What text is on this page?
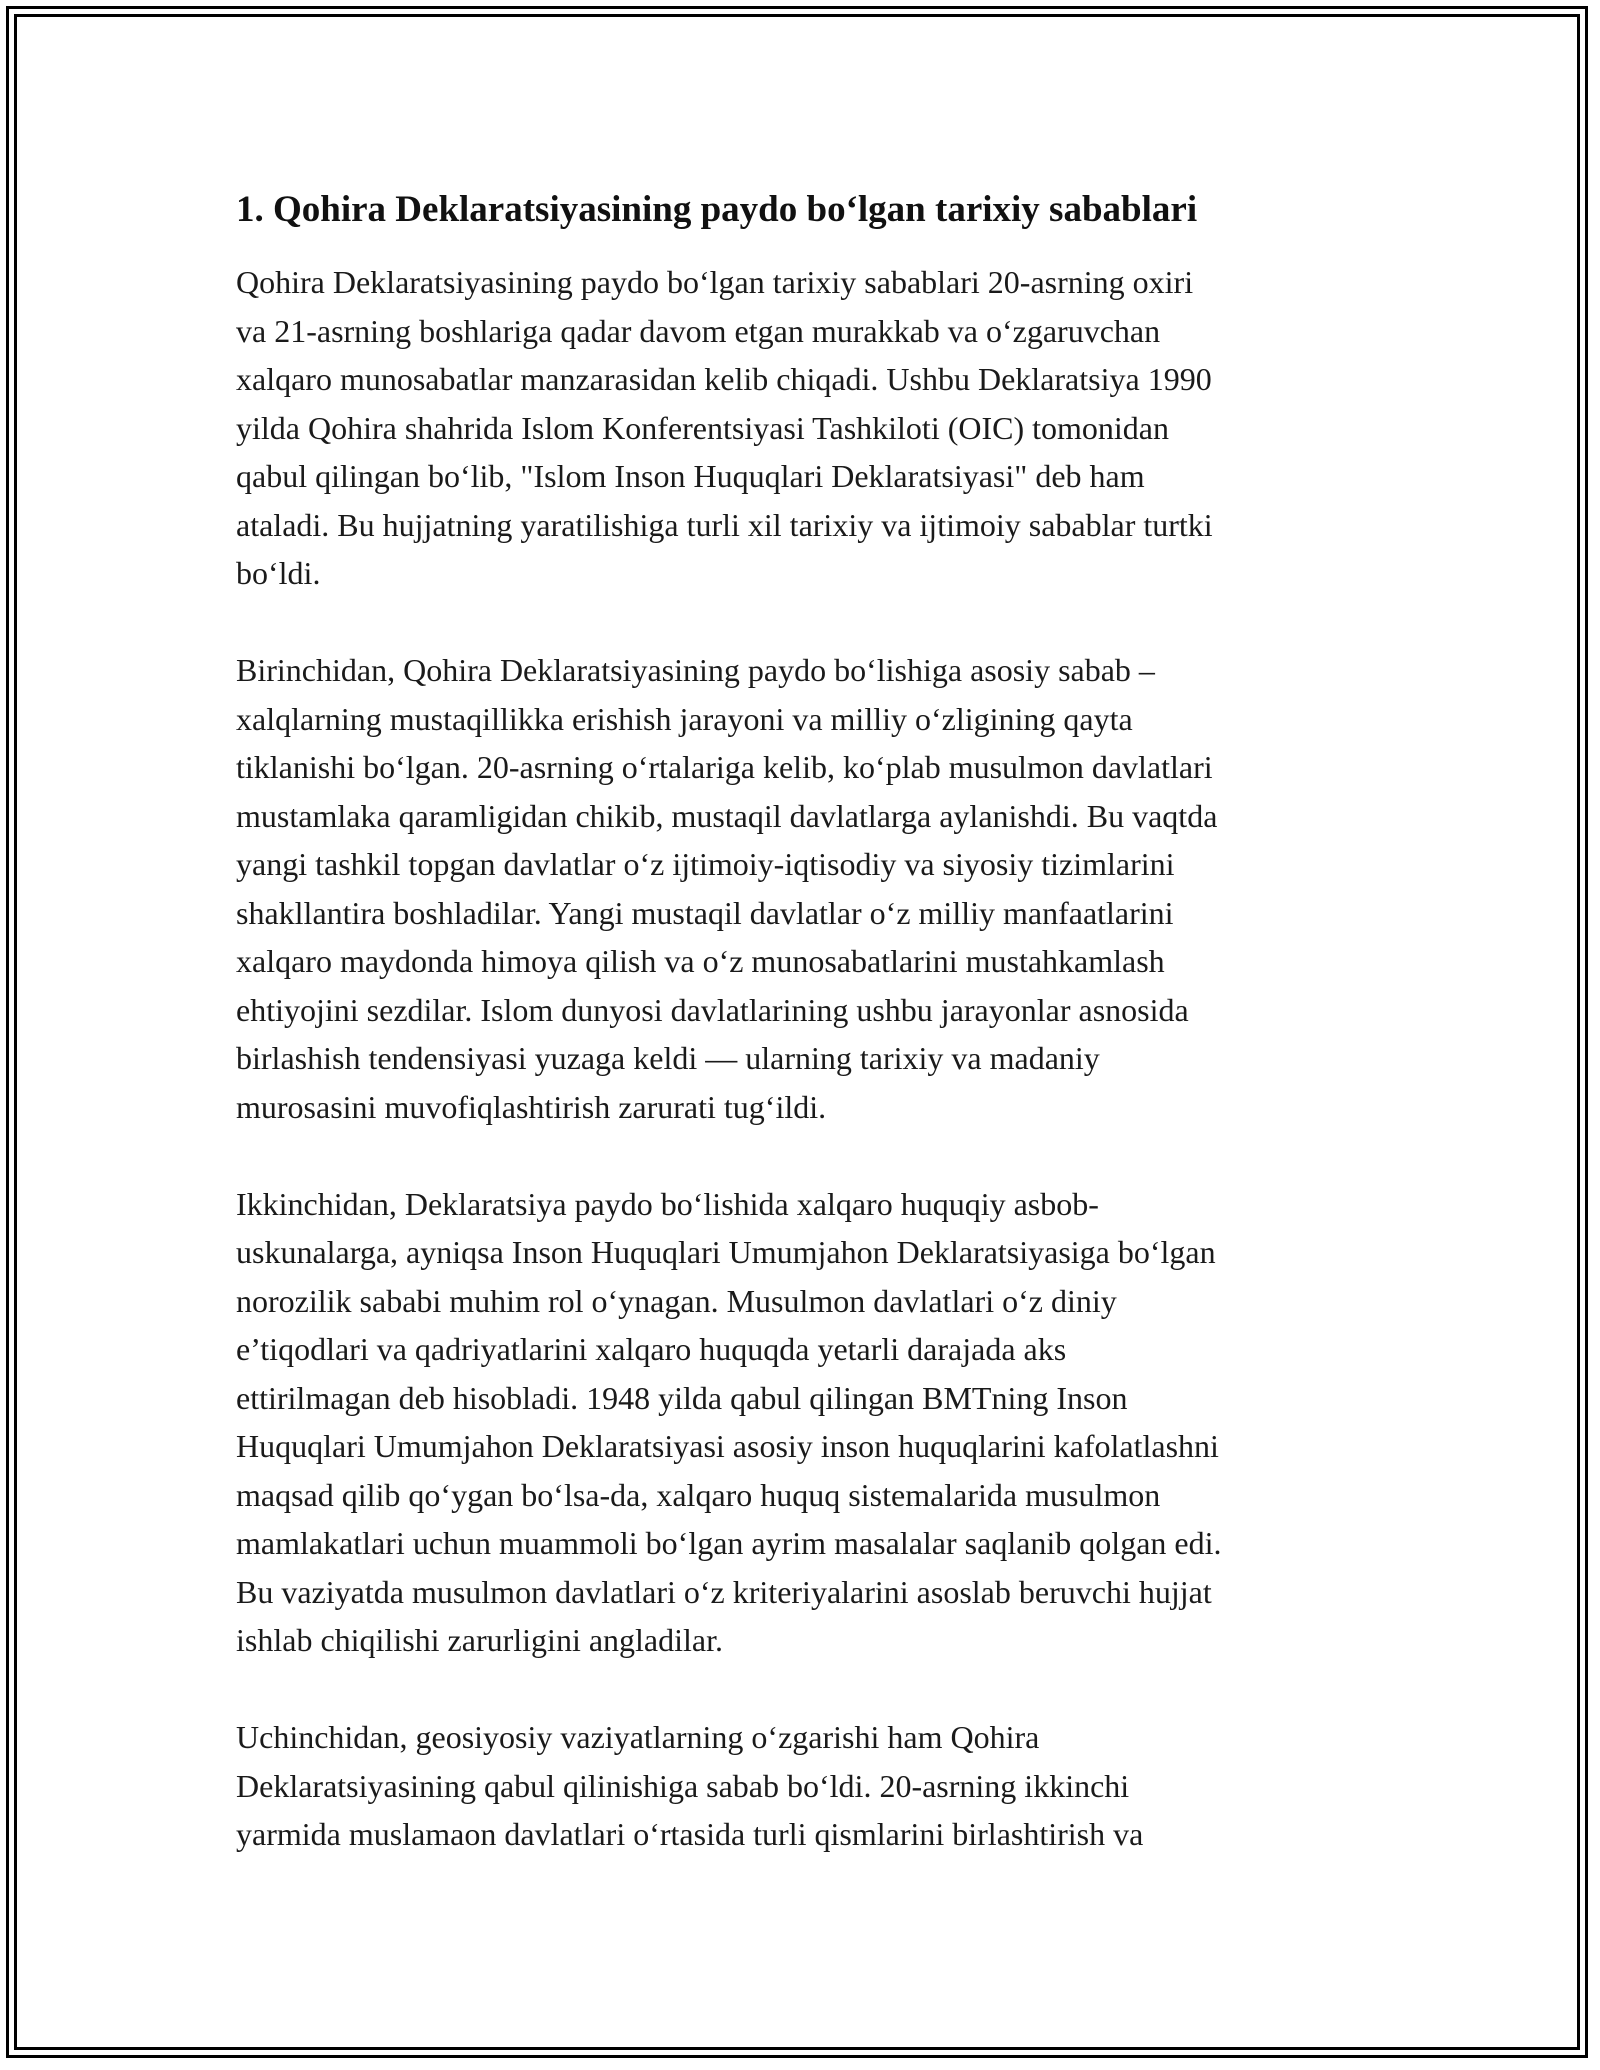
1. Qohira Deklaratsiyasining paydo bo‘lgan tarixiy sabablari

Qohira Deklaratsiyasining paydo bo‘lgan tarixiy sabablari 20-asrning oxiri
va 21-asrning boshlariga qadar davom etgan murakkab va o‘zgaruvchan
xalqaro munosabatlar manzarasidan kelib chiqadi. Ushbu Deklaratsiya 1990
yilda Qohira shahrida Islom Konferentsiyasi Tashkiloti (OIC) tomonidan
qabul qilingan bo‘lib, "Islom Inson Huquqlari Deklaratsiyasi" deb ham
ataladi. Bu hujjatning yaratilishiga turli xil tarixiy va ijtimoiy sabablar turtki
bo‘ldi.

Birinchidan, Qohira Deklaratsiyasining paydo bo‘lishiga asosiy sabab –
xalqlarning mustaqillikka erishish jarayoni va milliy o‘zligining qayta
tiklanishi bo‘lgan. 20-asrning o‘rtalariga kelib, ko‘plab musulmon davlatlari
mustamlaka qaramligidan chikib, mustaqil davlatlarga aylanishdi. Bu vaqtda
yangi tashkil topgan davlatlar o‘z ijtimoiy-iqtisodiy va siyosiy tizimlarini
shakllantira boshladilar. Yangi mustaqil davlatlar o‘z milliy manfaatlarini
xalqaro maydonda himoya qilish va o‘z munosabatlarini mustahkamlash
ehtiyojini sezdilar. Islom dunyosi davlatlarining ushbu jarayonlar asnosida
birlashish tendensiyasi yuzaga keldi — ularning tarixiy va madaniy
murosasini muvofiqlashtirish zarurati tug‘ildi.

Ikkinchidan, Deklaratsiya paydo bo‘lishida xalqaro huquqiy asbob-
uskunalarga, ayniqsa Inson Huquqlari Umumjahon Deklaratsiyasiga bo‘lgan
norozilik sababi muhim rol o‘ynagan. Musulmon davlatlari o‘z diniy
e’tiqodlari va qadriyatlarini xalqaro huquqda yetarli darajada aks
ettirilmagan deb hisobladi. 1948 yilda qabul qilingan BMTning Inson
Huquqlari Umumjahon Deklaratsiyasi asosiy inson huquqlarini kafolatlashni
maqsad qilib qo‘ygan bo‘lsa-da, xalqaro huquq sistemalarida musulmon
mamlakatlari uchun muammoli bo‘lgan ayrim masalalar saqlanib qolgan edi.
Bu vaziyatda musulmon davlatlari o‘z kriteriyalarini asoslab beruvchi hujjat
ishlab chiqilishi zarurligini angladilar.

Uchinchidan, geosiyosiy vaziyatlarning o‘zgarishi ham Qohira
Deklaratsiyasining qabul qilinishiga sabab bo‘ldi. 20-asrning ikkinchi
yarmida muslamaon davlatlari o‘rtasida turli qismlarini birlashtirish va
